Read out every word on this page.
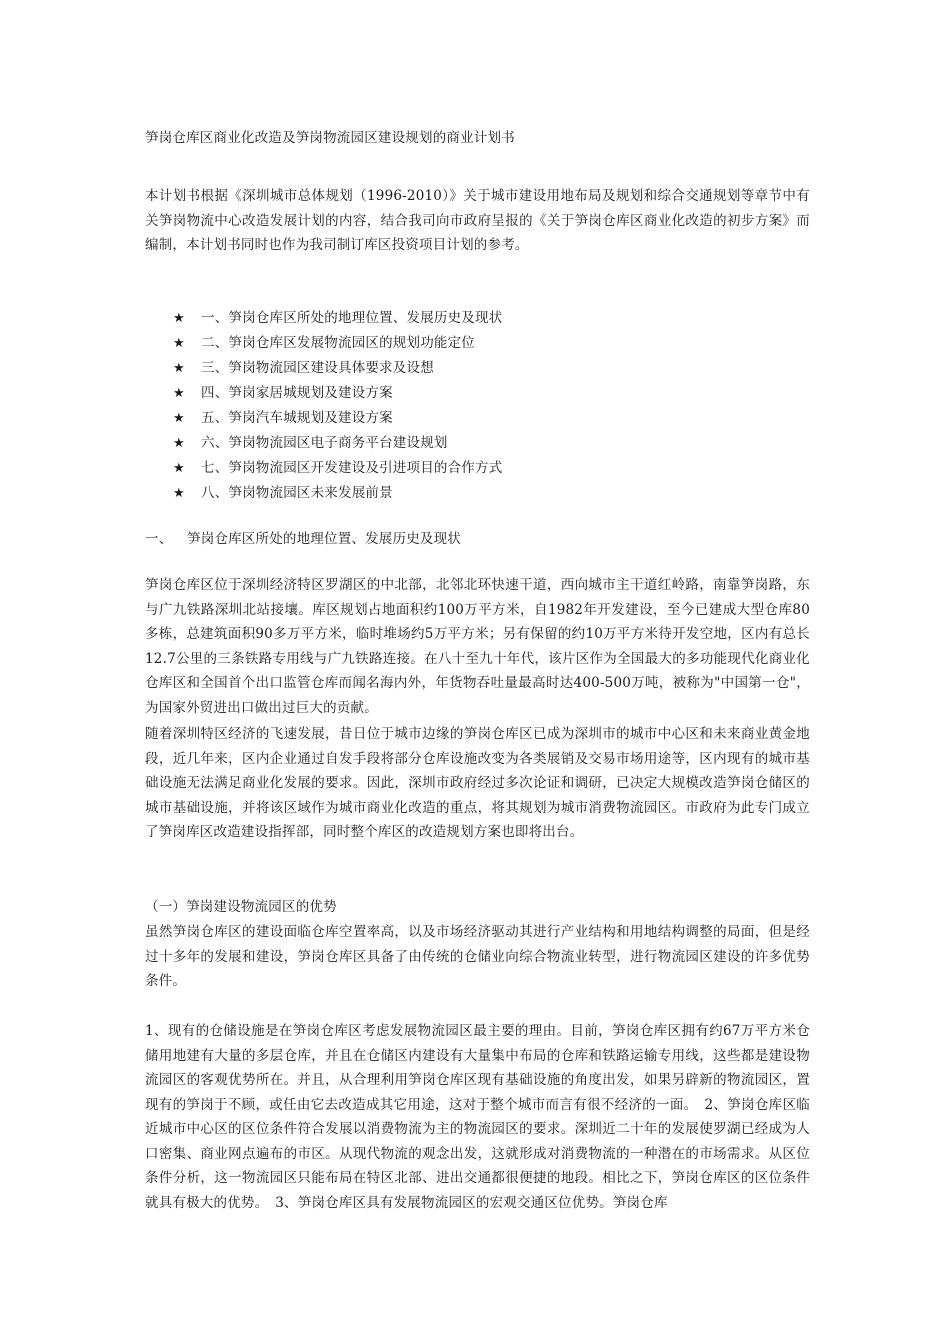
笋岗仓库区商业化改造及笋岗物流园区建设规划的商业计划书
本计划书根据《深圳城市总体规划（1996-2010）》关于城市建设用地布局及规划和综合交通规划等章节中有关笋岗物流中心改造发展计划的内容，结合我司向市政府呈报的《关于笋岗仓库区商业化改造的初步方案》而编制，本计划书同时也作为我司制订库区投资项目计划的参考。
★ 一、笋岗仓库区所处的地理位置、发展历史及现状
★ 二、笋岗仓库区发展物流园区的规划功能定位
★ 三、笋岗物流园区建设具体要求及设想
★ 四、笋岗家居城规划及建设方案
★ 五、笋岗汽车城规划及建设方案
★ 六、笋岗物流园区电子商务平台建设规划
★ 七、笋岗物流园区开发建设及引进项目的合作方式
★ 八、笋岗物流园区未来发展前景
一、 笋岗仓库区所处的地理位置、发展历史及现状
笋岗仓库区位于深圳经济特区罗湖区的中北部，北邻北环快速干道，西向城市主干道红岭路，南靠笋岗路，东与广九铁路深圳北站接壤。库区规划占地面积约100万平方米，自1982年开发建设，至今已建成大型仓库80多栋，总建筑面积90多万平方米，临时堆场约5万平方米；另有保留的约10万平方米待开发空地，区内有总长12.7公里的三条铁路专用线与广九铁路连接。在八十至九十年代，该片区作为全国最大的多功能现代化商业化仓库区和全国首个出口监管仓库而闻名海内外，年货物吞吐量最高时达400-500万吨，被称为"中国第一仓"，为国家外贸进出口做出过巨大的贡献。
随着深圳特区经济的飞速发展，昔日位于城市边缘的笋岗仓库区已成为深圳市的城市中心区和未来商业黄金地段，近几年来，区内企业通过自发手段将部分仓库设施改变为各类展销及交易市场用途等，区内现有的城市基础设施无法满足商业化发展的要求。因此，深圳市政府经过多次论证和调研，已决定大规模改造笋岗仓储区的城市基础设施，并将该区域作为城市商业化改造的重点，将其规划为城市消费物流园区。市政府为此专门成立了笋岗库区改造建设指挥部，同时整个库区的改造规划方案也即将出台。
（一）笋岗建设物流园区的优势
虽然笋岗仓库区的建设面临仓库空置率高，以及市场经济驱动其进行产业结构和用地结构调整的局面，但是经过十多年的发展和建设，笋岗仓库区具备了由传统的仓储业向综合物流业转型，进行物流园区建设的许多优势条件。
1、现有的仓储设施是在笋岗仓库区考虑发展物流园区最主要的理由。目前，笋岗仓库区拥有约67万平方米仓储用地建有大量的多层仓库，并且在仓储区内建设有大量集中布局的仓库和铁路运输专用线，这些都是建设物流园区的客观优势所在。并且，从合理利用笋岗仓库区现有基础设施的角度出发，如果另辟新的物流园区，置现有的笋岗于不顾，或任由它去改造成其它用途，这对于整个城市而言有很不经济的一面。　2、笋岗仓库区临近城市中心区的区位条件符合发展以消费物流为主的物流园区的要求。深圳近二十年的发展使罗湖已经成为人口密集、商业网点遍布的市区。从现代物流的观念出发，这就形成对消费物流的一种潜在的市场需求。从区位条件分析，这一物流园区只能布局在特区北部、进出交通都很便捷的地段。相比之下，笋岗仓库区的区位条件就具有极大的优势。　3、笋岗仓库区具有发展物流园区的宏观交通区位优势。笋岗仓库
